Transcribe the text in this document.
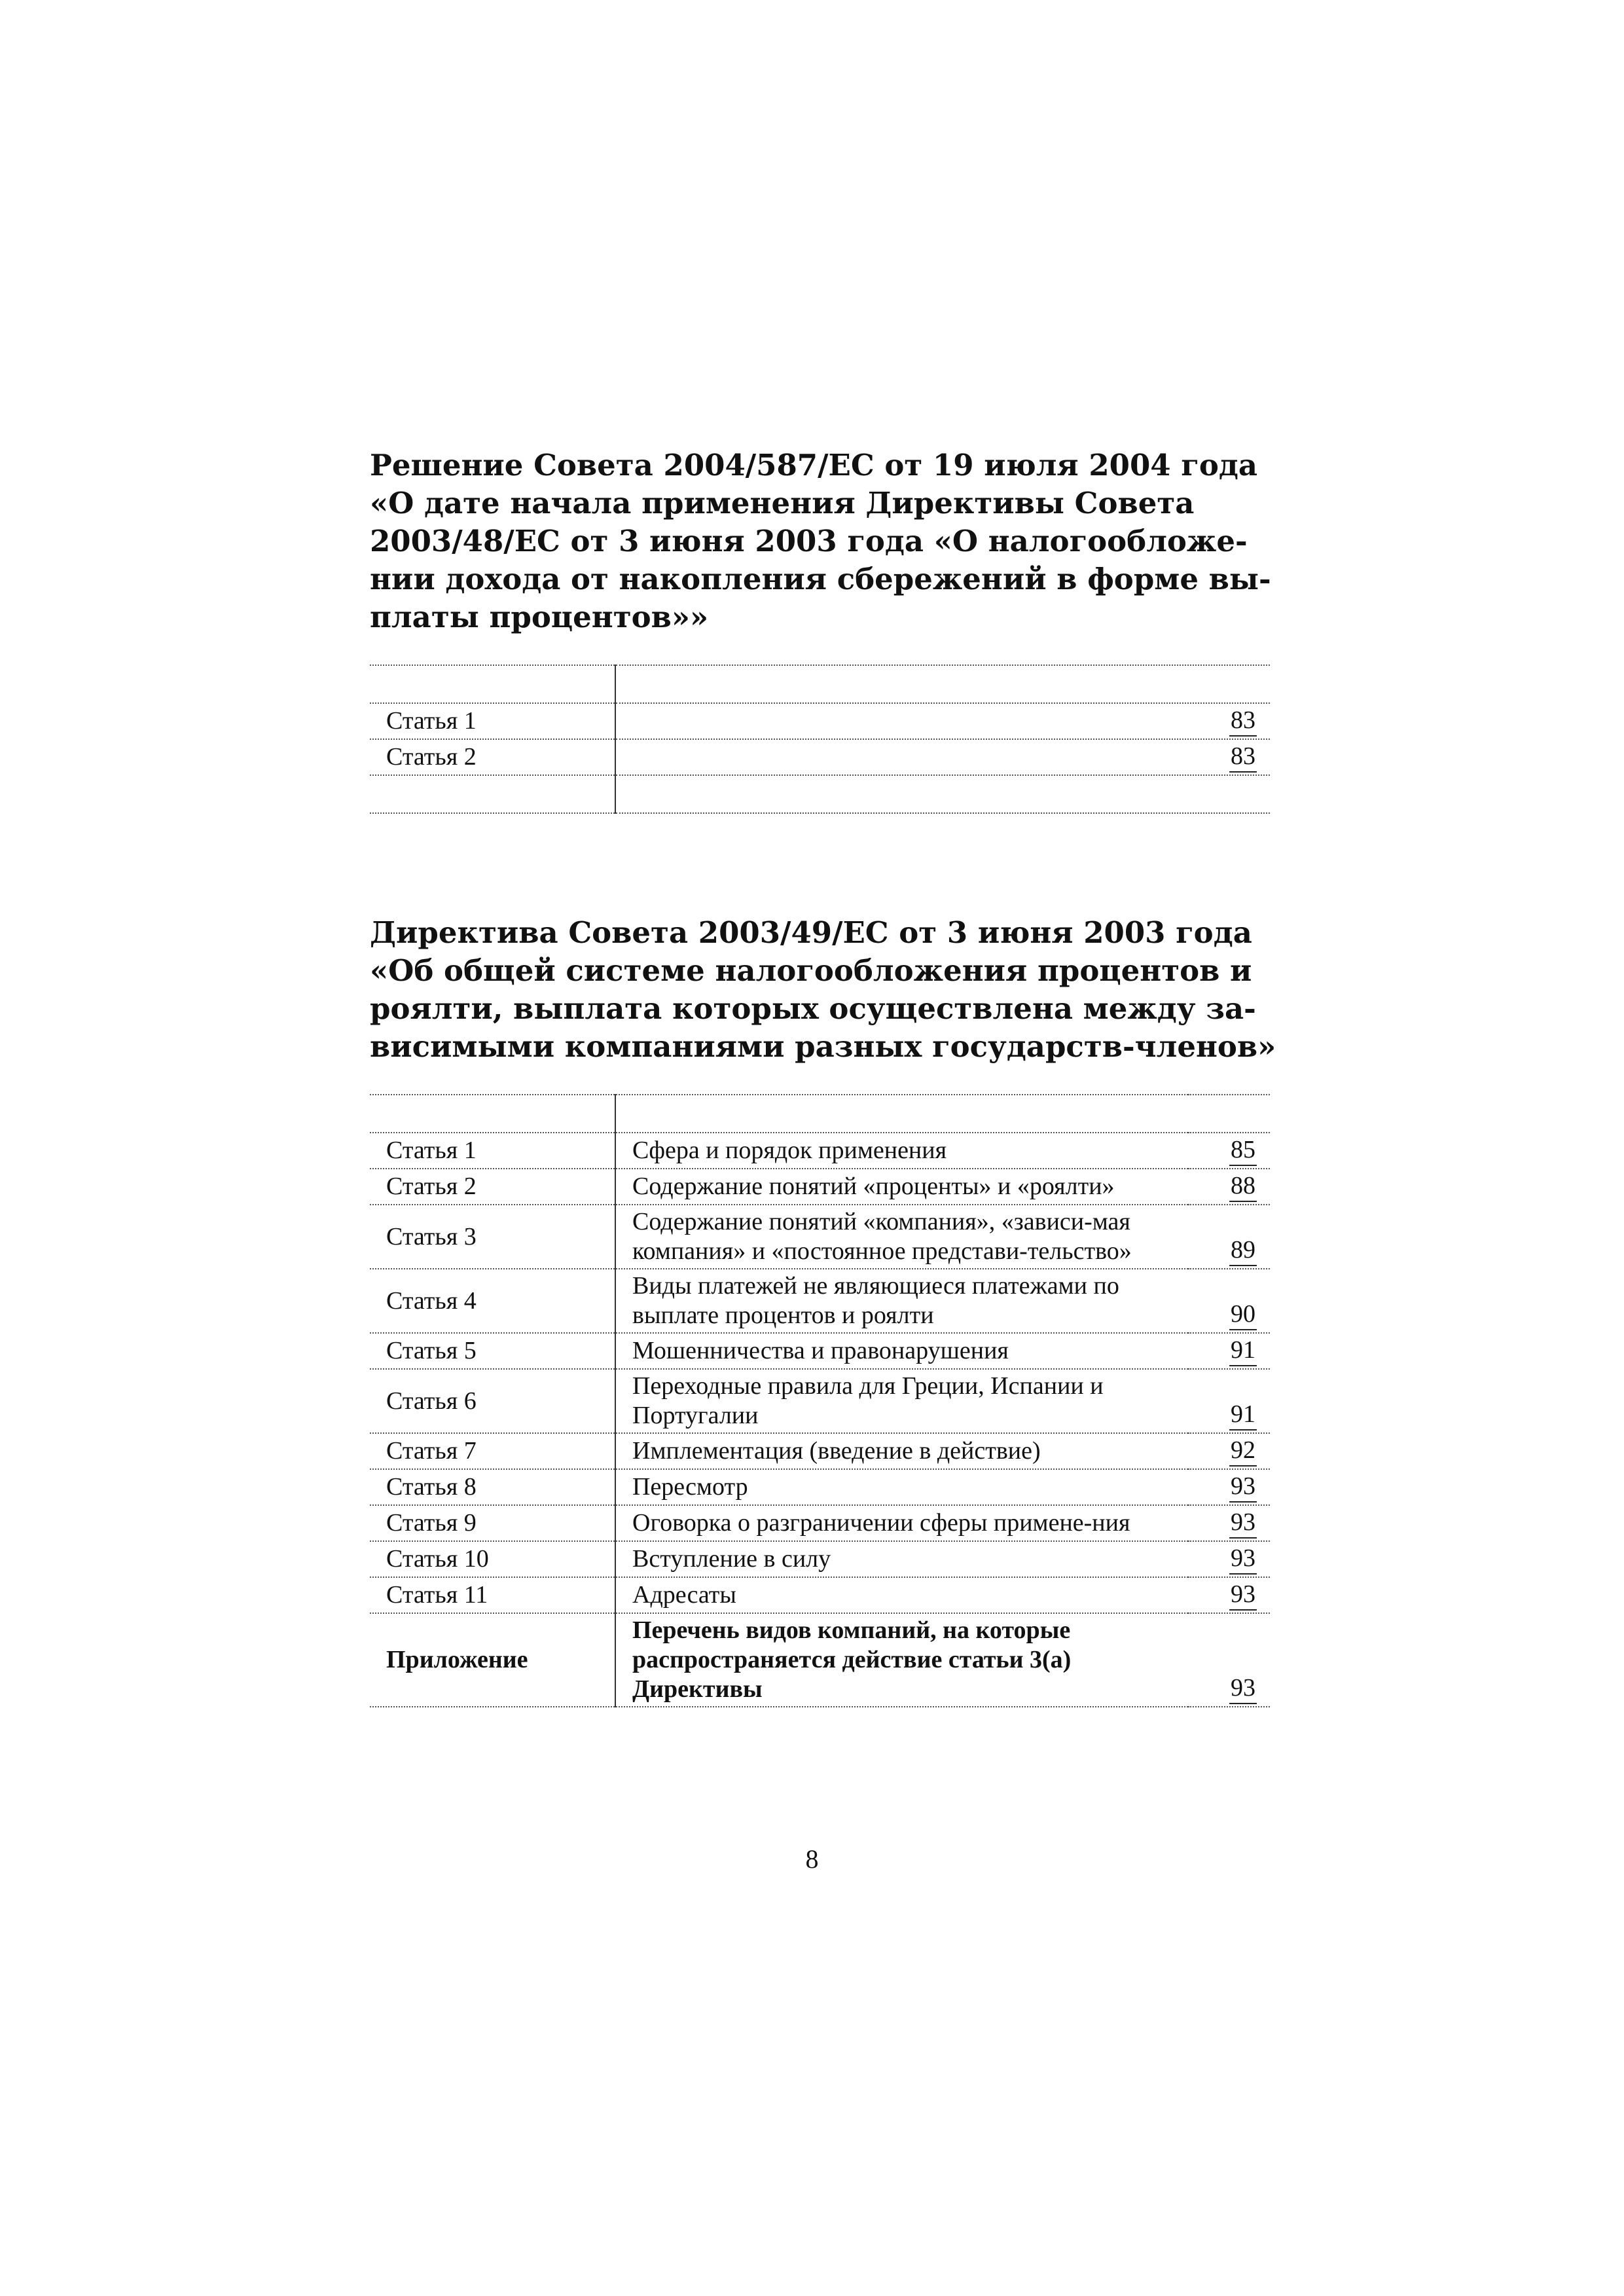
Решение Совета 2004/587/ЕС от 19 июля 2004 года
«О дате начала применения Директивы Совета
2003/48/ЕС от 3 июня 2003 года «О налогообложе-
нии дохода от накопления сбережений в форме вы-
платы процентов»»

Статья 1	83
Статья 2	83

Директива Совета 2003/49/ЕС от 3 июня 2003 года
«Об общей системе налогообложения процентов и
роялти, выплата которых осуществлена между за-
висимыми компаниями разных государств-членов»

Статья 1	Сфера и порядок применения	85
Статья 2	Содержание понятий «проценты» и «роялти»	88
Статья 3	Содержание понятий «компания», «зависи-мая компания» и «постоянное представи-тельство»	89
Статья 4	Виды платежей не являющиеся платежами по выплате процентов и роялти	90
Статья 5	Мошенничества и правонарушения	91
Статья 6	Переходные правила для Греции, Испании и Португалии	91
Статья 7	Имплементация (введение в действие)	92
Статья 8	Пересмотр	93
Статья 9	Оговорка о разграничении сферы примене-ния	93
Статья 10	Вступление в силу	93
Статья 11	Адресаты	93
Приложение	Перечень видов компаний, на которые распространяется действие статьи 3(а) Директивы	93
8
